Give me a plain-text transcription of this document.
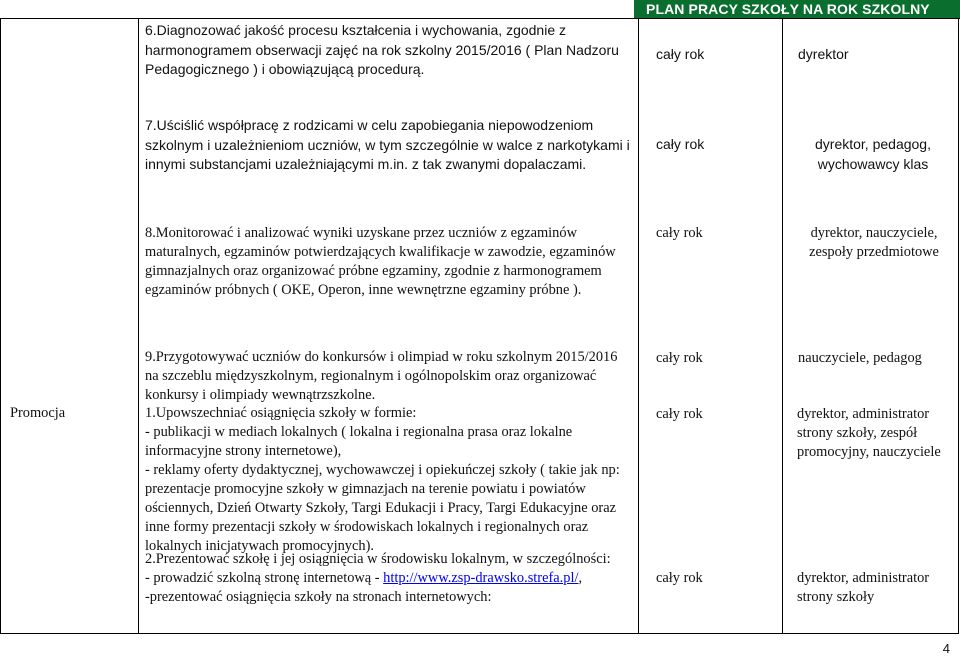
PLAN PRACY SZKOŁY NA ROK SZKOLNY 2015/2016
6.Diagnozować jakość procesu kształcenia i wychowania, zgodnie z harmonogramem obserwacji zajęć na rok szkolny 2015/2016 ( Plan Nadzoru Pedagogicznego ) i obowiązującą procedurą.
cały rok	dyrektor
7.Uściślić współpracę z rodzicami w celu zapobiegania niepowodzeniom szkolnym i uzależnieniom uczniów, w tym szczególnie w walce z narkotykami i innymi substancjami uzależniającymi m.in. z tak zwanymi dopalaczami.
cały rok	dyrektor, pedagog, wychowawcy klas
8.Monitorować i analizować wyniki uzyskane przez uczniów z egzaminów maturalnych, egzaminów potwierdzających kwalifikacje w zawodzie, egzaminów gimnazjalnych oraz organizować próbne egzaminy, zgodnie z harmonogramem egzaminów próbnych ( OKE, Operon, inne wewnętrzne egzaminy próbne ).
cały rok	dyrektor, nauczyciele, zespoły przedmiotowe
9.Przygotowywać uczniów do konkursów i olimpiad w roku szkolnym 2015/2016 na szczeblu międzyszkolnym, regionalnym i ogólnopolskim oraz organizować konkursy i olimpiady wewnątrzszkolne.
cały rok	nauczyciele, pedagog
Promocja	1.Upowszechniać osiągnięcia szkoły w formie:
- publikacji w mediach lokalnych ( lokalna i regionalna prasa oraz lokalne informacyjne strony internetowe),
- reklamy oferty dydaktycznej, wychowawczej i opiekuńczej szkoły ( takie jak np: prezentacje promocyjne szkoły w gimnazjach na terenie powiatu i powiatów ościennych, Dzień Otwarty Szkoły, Targi Edukacji i Pracy, Targi Edukacyjne oraz inne formy prezentacji szkoły w środowiskach lokalnych i regionalnych oraz lokalnych inicjatywach promocyjnych).
cały rok	dyrektor, administrator strony szkoły, zespół promocyjny, nauczyciele
2.Prezentować szkołę i jej osiągnięcia w środowisku lokalnym, w szczególności:
- prowadzić szkolną stronę internetową - http://www.zsp-drawsko.strefa.pl/,
-prezentować osiągnięcia szkoły na stronach internetowych:
cały rok	dyrektor, administrator strony szkoły
4
